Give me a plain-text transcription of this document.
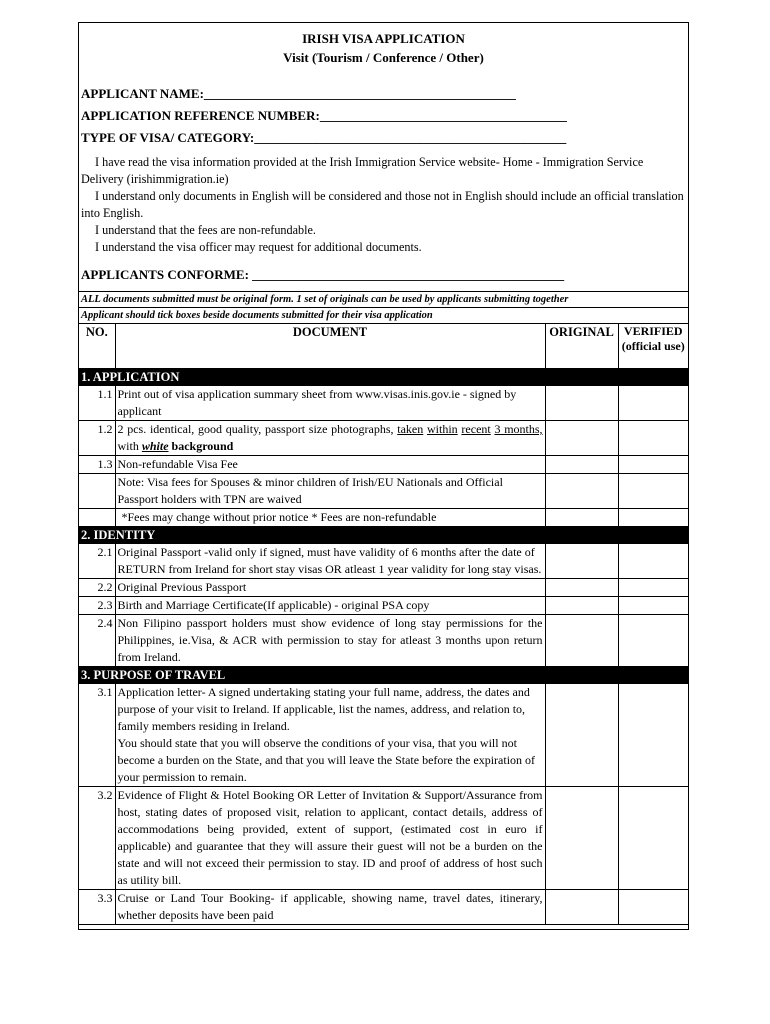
IRISH VISA APPLICATION
Visit (Tourism / Conference / Other)
APPLICANT NAME:________________________________________________
APPLICATION REFERENCE NUMBER:______________________________________
TYPE OF VISA/ CATEGORY:________________________________________________
I have read the visa information provided at the Irish Immigration Service website- Home - Immigration Service Delivery (irishimmigration.ie)
I understand only documents in English will be considered and those not in English should include an official translation into English.
I understand that the fees are non-refundable.
I understand the visa officer may request for additional documents.
APPLICANTS CONFORME: ________________________________________________
ALL documents submitted must be original form. 1 set of originals can be used by applicants submitting together
Applicant should tick boxes beside documents submitted for their visa application
NO.	DOCUMENT	ORIGINAL	VERIFIED (official use)
1. APPLICATION			
1.1	Print out of visa application summary sheet from www.visas.inis.gov.ie - signed by applicant		
1.2	2 pcs. identical, good quality, passport size photographs, taken within recent 3 months, with white background		
1.3	Non-refundable Visa Fee		
	Note: Visa fees for Spouses & minor children of Irish/EU Nationals and Official Passport holders with TPN are waived		
	*Fees may change without prior notice * Fees are non-refundable		
2. IDENTITY			
2.1	Original Passport -valid only if signed, must have validity of 6 months after the date of RETURN from Ireland for short stay visas OR atleast 1 year validity for long stay visas.		
2.2	Original Previous Passport		
2.3	Birth and Marriage Certificate(If applicable) - original PSA copy		
2.4	Non Filipino passport holders must show evidence of long stay permissions for the Philippines, ie.Visa, & ACR with permission to stay for atleast 3 months upon return from Ireland.		
3. PURPOSE OF TRAVEL			
3.1	Application letter- A signed undertaking stating your full name, address, the dates and purpose of your visit to Ireland. If applicable, list the names, address, and relation to, family members residing in Ireland.
You should state that you will observe the conditions of your visa, that you will not become a burden on the State, and that you will leave the State before the expiration of your permission to remain.		

3.2	Evidence of Flight & Hotel Booking OR Letter of Invitation & Support/Assurance from host, stating dates of proposed visit, relation to applicant, contact details, address of accommodations being provided, extent of support, (estimated cost in euro if applicable) and guarantee that they will assure their guest will not be a burden on the state and will not exceed their permission to stay. ID and proof of address of host such as utility bill.		
3.3	Cruise or Land Tour Booking- if applicable, showing name, travel dates, itinerary, whether deposits have been paid		
